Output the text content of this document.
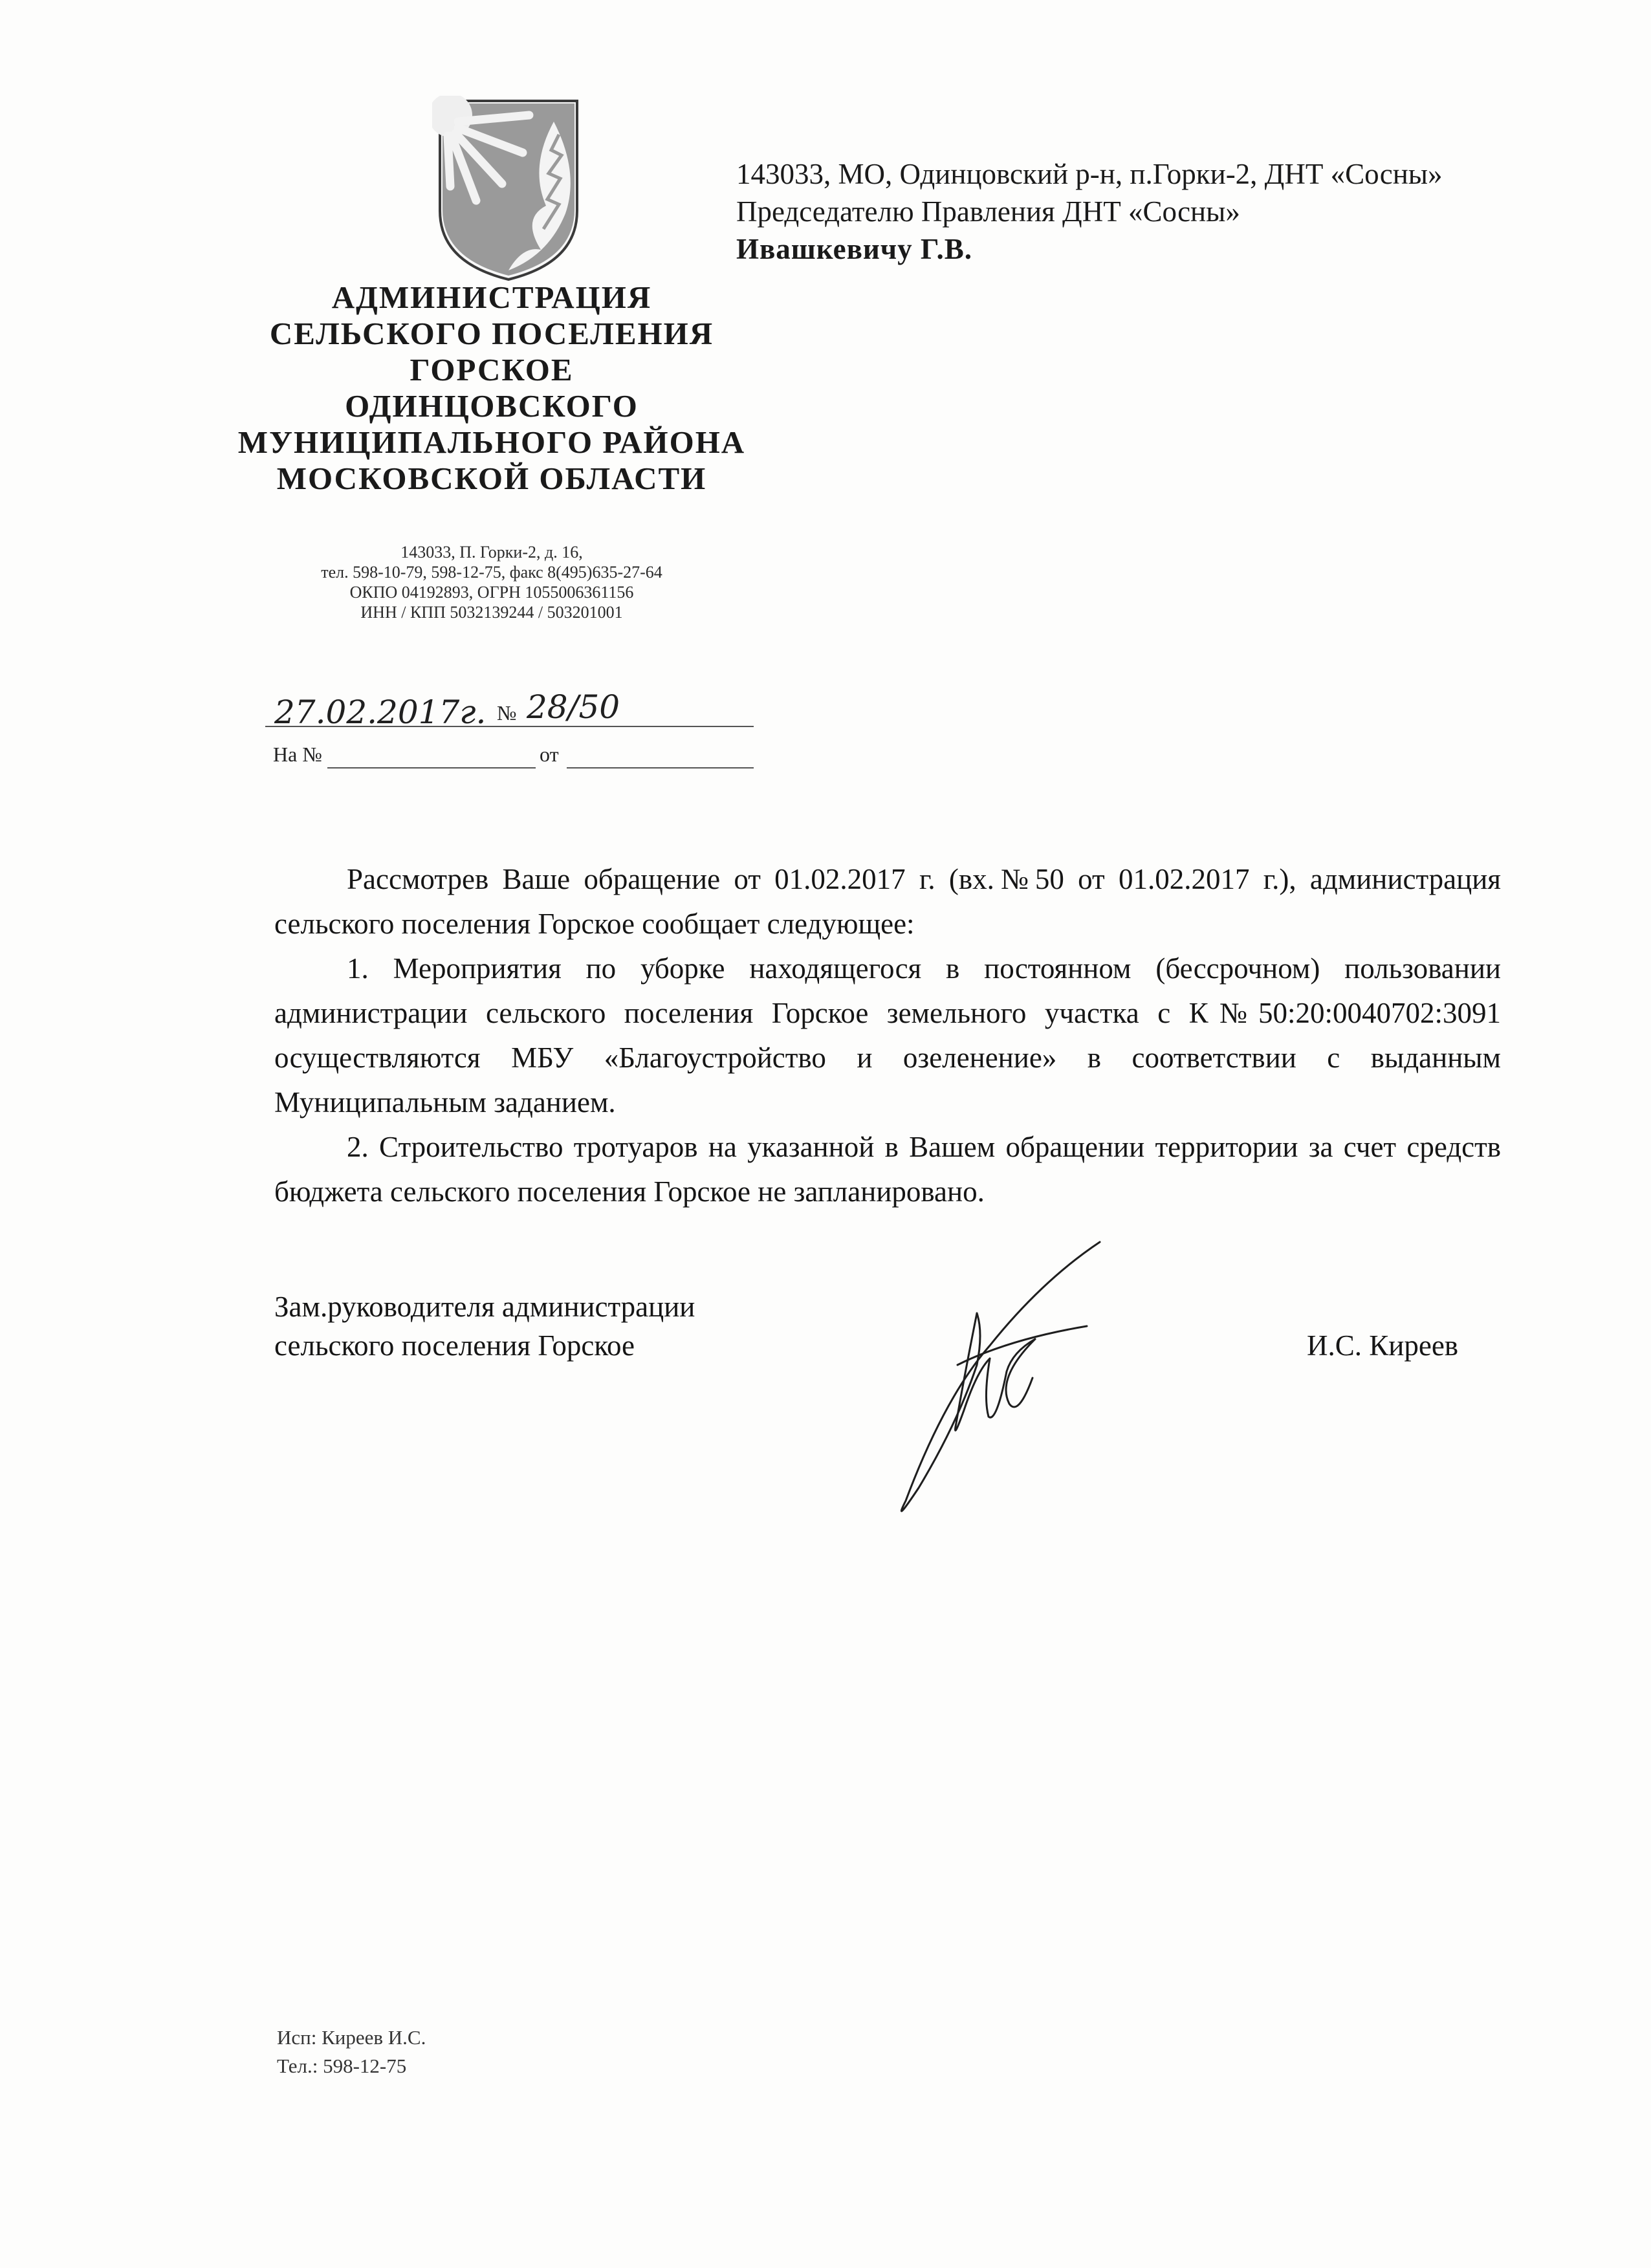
АДМИНИСТРАЦИЯ
СЕЛЬСКОГО ПОСЕЛЕНИЯ
ГОРСКОЕ
ОДИНЦОВСКОГО
МУНИЦИПАЛЬНОГО РАЙОНА
МОСКОВСКОЙ ОБЛАСТИ
143033, П. Горки-2, д. 16,
тел. 598-10-79, 598-12-75, факс 8(495)635-27-64
ОКПО 04192893, ОГРН 1055006361156
ИНН / КПП 5032139244 / 503201001
143033, МО, Одинцовский р-н, п.Горки-2, ДНТ «Сосны»
Председателю Правления ДНТ «Сосны»
Ивашкевичу Г.В.
27.02.2017г. № 28/50
На №	от

Рассмотрев Ваше обращение от 01.02.2017 г. (вх.№50 от 01.02.2017 г.), администрация сельского поселения Горское сообщает следующее:

1. Мероприятия по уборке находящегося в постоянном (бессрочном) пользовании администрации сельского поселения Горское земельного участка с К№50:20:0040702:3091 осуществляются МБУ «Благоустройство и озеленение» в соответствии с выданным Муниципальным заданием.

2. Строительство тротуаров на указанной в Вашем обращении территории за счет средств бюджета сельского поселения Горское не запланировано.

Зам.руководителя администрации
сельского поселения Горское	И.С. Киреев
Исп: Киреев И.С.
Тел.: 598-12-75
